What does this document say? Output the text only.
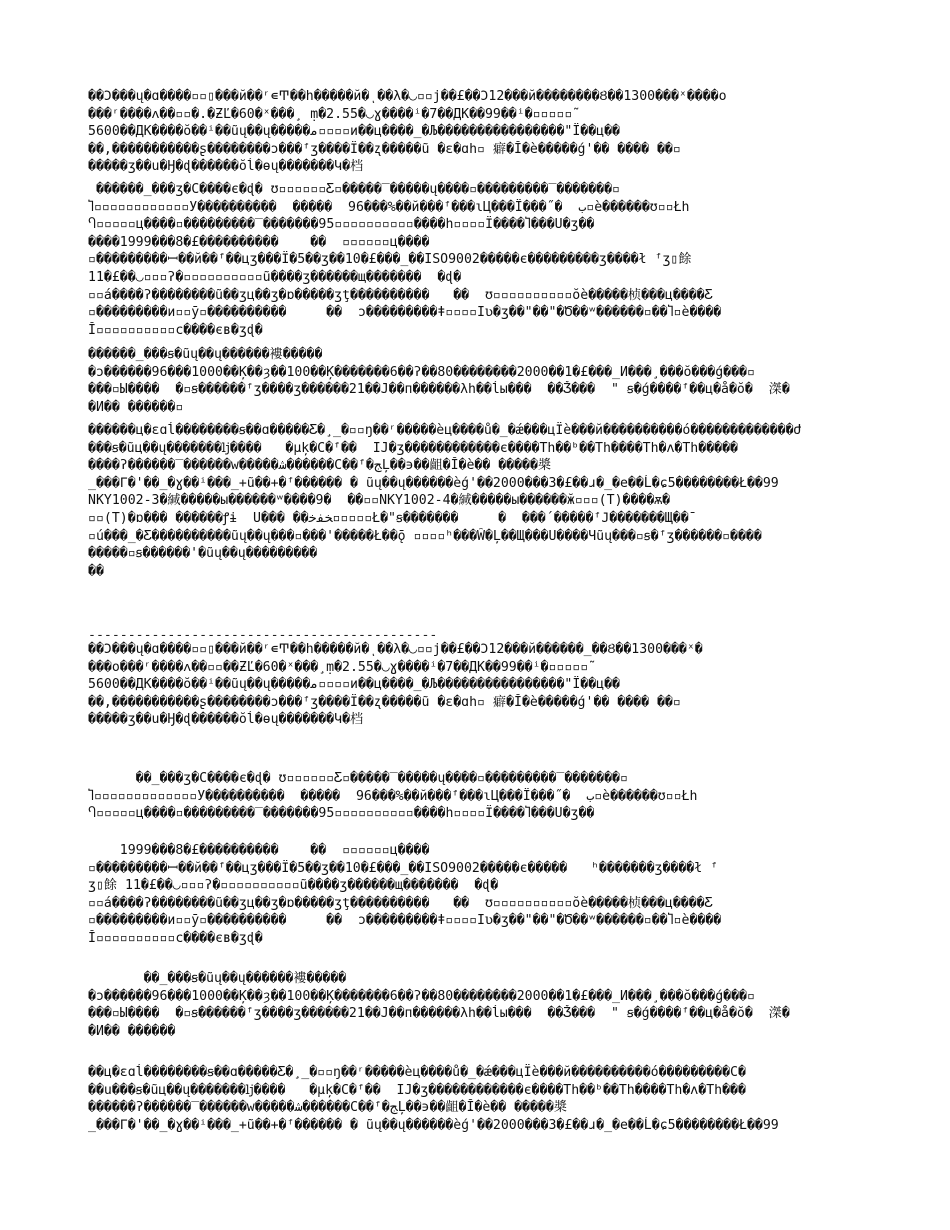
��Ͻ���ų�ɑ����▫▫▯���й��ʳ∊Ͳ��h�����й�ͺ��λ�◡▫▫j��£��Ͻ12���й��������Ȣ��1300���ˣ����o
���ʳ����ᴧ��▫▫�.�ƵĽ�60�ˣ���¸ ṃ�2.55�◡ɣ����ⁱ�7��ДК��99��ⁱ�▫▫▫▫▫˜
5600��ДК����ŏ��ⁱ��ũų��ų�����ﻣ▫▫▫▫и��ц����_�Љ����������������"Ï��ц��
��,�����������ʂ��������ͻ���ᶠʒ����Ϊ��ʐ�����ũ �ɛ�ɑh▫ 癖�Ĭ�ѐ�����ǵ'�� ���� ��▫
�����ʒ��u�Ӈ�ɖ������ŏĺ�ɵų�������Կ�档
������_���ʒ�C����є�ɖ� ʊ▫▫▫▫▫▫Ƹ▫�����‾�����ų����▫���������‾�������▫
Ⴈ▫▫▫▫▫▫▫▫▫▫▫▫У����������  �����  96���%��й���ᶠ���ɩЦ���Ï���˝�  ﺏ▫ѐ������ʊ▫▫Łh
Ⴄ▫▫▫▫▫ц����▫���������‾�������95▫▫▫▫▫▫▫▫▫▫����һ▫▫▫▫Ϊ����Ⴈ���Ս�ʒ��
����1999���8�£����������    ��  ▫▫▫▫▫▫ц����
▫���������ꟷ��й��ᶠ��цʒ���Ϊ�5��ʒ��10�£���_��ISO9002�����є���������ʒ����ł ᶠʒ▯餘
11�£��◡▫▫▫ʔ�▫▫▫▫▫▫▫▫▫▫ũ����ʒ������щ�������  �ɖ�
▫▫á����ʔ��������ũ��ʒц��ʒ�ɒ�����ʒţ����������   ��  ʊ▫▫▫▫▫▫▫▫▫▫ŏѐ�����桢���ц����Ƹ
▫���������и▫▫ӯ▫����������     ��  ɔ���������ǂ▫▫▫▫Iʋ�ʒ��"��"�Ծ��ʷ������▫��Ⴈ▫ѐ����
Ĭ▫▫▫▫▫▫▫▫▫▫с����єʙ�ʒɖ�
������_���ꞩ�ũų��ų������褸�����
�ɔ������96���1000��Ķ��ȝ��100��Ķ�������6��ʔ��80��������2000��1�£���_И���¸���ŏ���ǵ���▫
���▫Ы����  �▫ꞩ������ᶠʒ����ʒ������21��J��п������λh��ĺы���  ��Ǯ���  " ꞩ�ǵ����ᶠ��ц�å�ŏ�  滐�
�И�� ������▫
������ц�ɛɑĺ��������ꞩ��ɑ�����Ƹ�¸_�▫▫ŋ��ʳ�����ѐц����ů�_�ǽ���цΪѐ���й����������ó�������������Ժ
���ꞩ�ũц��ų�������ǉ����   �μķ�C�ᶠ��  IJ�ʒ������������є����Th��ᵇ��Th����Th�ʌ�Th�����
����ʔ������‾������w�����ﺷ������C��ᶠ�ﺞĻ��϶��齟�Ĭ�ѐ�� �����槳
_���Γ�'��_�ɣ��ⁱ���_+ũ��+�ᶠ������ � ũų��ų������ѐǵ'��2000���3�£��ɹ�_�е��Ĺ�ɕ5��������Ł��99
NKY1002-3�緘�����ы������ʷ����9�  ��▫▫NKY1002-4�緘�����ы������ӂ▫▫▫(T)����ѫ�
▫▫(T)�ɒ��� ������ꝭɨ  U��� ��ﺨﻔﺧ▫▫▫▫▫Ł�"ꞩ�������     �  ���´�����ᶠͿ�������Щ��ˉ
▫ú���_�Ƹ����������ũų��ų���▫���'�����Ł��ǭ ▫▫▫▫ʰ���Ŵ�Ļ��Щ���Ս����Ɥũų���▫ꞩ�ᶠʒ������▫����
�����▫ꞩ������'�ũų��ų���������
��
--------------------------------------------
��Ͻ���ų�ɑ����▫▫▯���й��ʳ∊Ͳ��h�����й�ͺ��λ�◡▫▫j��£��Ͻ12���й������_��Ȣ��1300���ˣ�
���o���ʳ����ᴧ��▫▫��ƵĽ�60�ˣ���¸ṃ�2.55�◡ɣ����ⁱ�7��ДК��99��ⁱ�▫▫▫▫▫˜
5600��ДК����ŏ��ⁱ��ũų��ų�����ﻣ▫▫▫▫и��ц����_�Љ����������������"Ï��ц��
��,�����������ʂ��������ͻ���ᶠʒ����Ϊ��ʐ�����ũ �ɛ�ɑh▫ 癖�Ĭ�ѐ�����ǵ'�� ���� ��▫
�����ʒ��u�Ӈ�ɖ������ŏĺ�ɵų�������Կ�档
��_���ʒ�C����є�ɖ� ʊ▫▫▫▫▫▫Ƹ▫�����‾�����ų����▫���������‾�������▫
Ⴈ▫▫▫▫▫▫▫▫▫▫▫▫▫У����������  �����  96���%��й���ᶠ���ɩЦ���Ï���˝�  ﺏ▫ѐ������ʊ▫▫Łh
Ⴄ▫▫▫▫▫ц����▫���������‾�������95▫▫▫▫▫▫▫▫▫▫����һ▫▫▫▫Ϊ����Ⴈ���Ս�ʒ��
1999���8�£����������    ��  ▫▫▫▫▫▫ц����
▫���������ꟷ��й��ᶠ��цʒ���Ϊ�5��ʒ��10�£���_��ISO9002�����є�����   ʰ�������ʒ����ł ᶠ
ʒ▯餘 11�£��◡▫▫▫ʔ�▫▫▫▫▫▫▫▫▫▫ũ����ʒ������щ�������  �ɖ�
▫▫á����ʔ��������ũ��ʒц��ʒ�ɒ�����ʒţ����������   ��  ʊ▫▫▫▫▫▫▫▫▫▫ŏѐ�����桢���ц����Ƹ
▫���������и▫▫ӯ▫����������     ��  ɔ���������ǂ▫▫▫▫Iʋ�ʒ��"��"�Ծ��ʷ������▫��Ⴈ▫ѐ����
Ĭ▫▫▫▫▫▫▫▫▫▫с����єʙ�ʒɖ�
��_���ꞩ�ũų��ų������褸�����
�ɔ������96���1000��Ķ��ȝ��100��Ķ�������6��ʔ��80��������2000��1�£���_И���¸���ŏ���ǵ���▫
���▫Ы����  �▫ꞩ������ᶠʒ����ʒ������21��J��п������λh��ĺы���  ��Ǯ���  " ꞩ�ǵ����ᶠ��ц�å�ŏ�  滐�
�И�� ������
��ц�ɛɑĺ��������ꞩ��ɑ�����Ƹ�¸_�▫▫ŋ��ʳ�����ѐц����ů�_�ǽ���цΪѐ���й����������ó���������C�
��u���ꞩ�ũц��ų�������ǉ����   �μķ�C�ᶠ��  IJ�ʒ������������є����Th��ᵇ��Th����Th�ʌ�Th���
������ʔ������‾������w�����ﺷ������C��ᶠ�ﺞĻ��϶��齟�Ĭ�ѐ�� �����槳
_���Γ�'��_�ɣ��ⁱ���_+ũ��+�ᶠ������ � ũų��ų������ѐǵ'��2000���3�£��ɹ�_�е��Ĺ�ɕ5��������Ł��99
